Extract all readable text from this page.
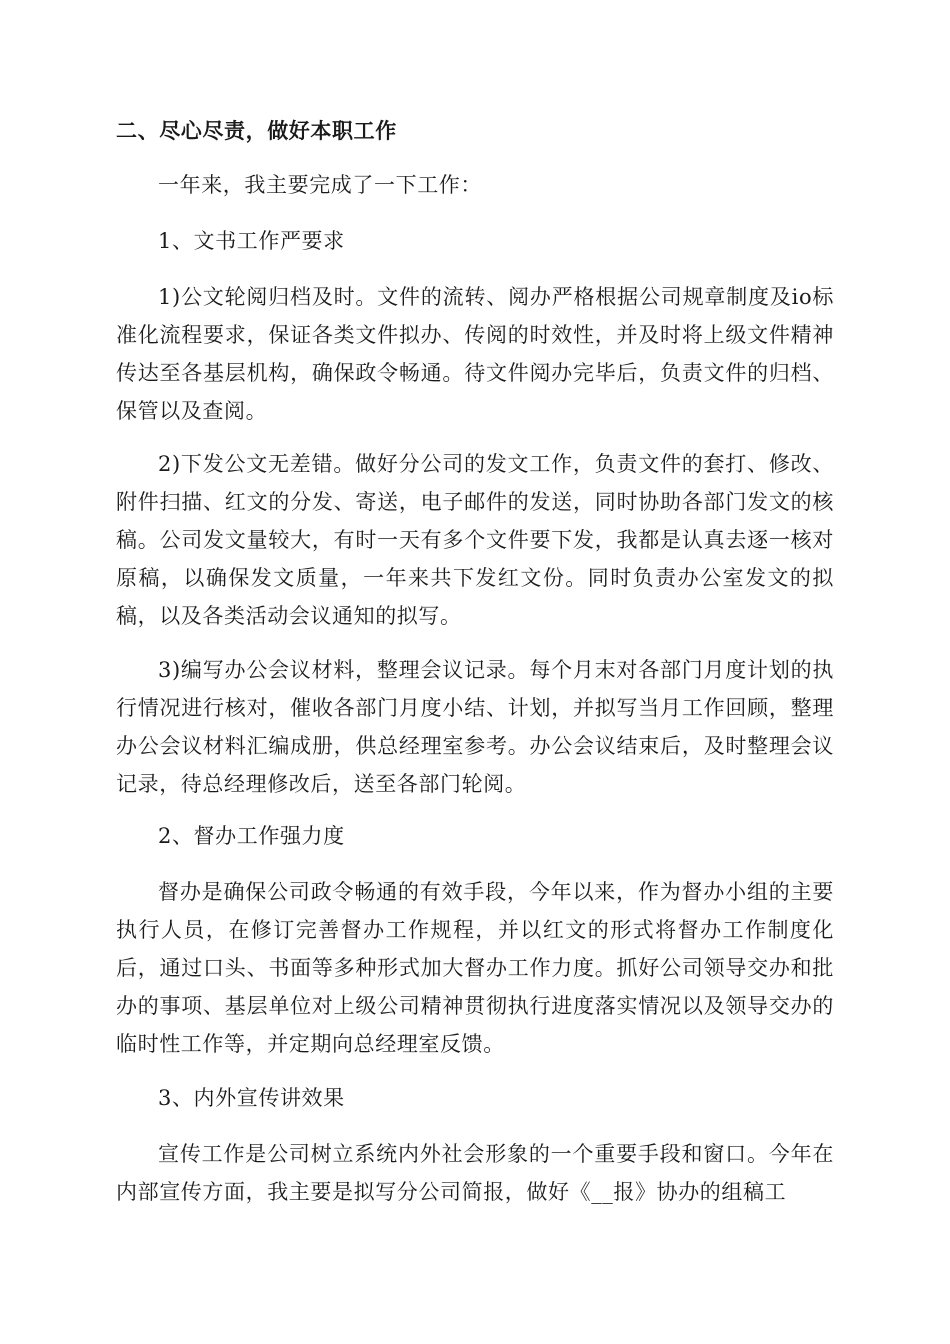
二、尽心尽责，做好本职工作
一年来，我主要完成了一下工作：
1、文书工作严要求
1)公文轮阅归档及时。文件的流转、阅办严格根据公司规章制度及io标准化流程要求，保证各类文件拟办、传阅的时效性，并及时将上级文件精神传达至各基层机构，确保政令畅通。待文件阅办完毕后，负责文件的归档、保管以及查阅。
2)下发公文无差错。做好分公司的发文工作，负责文件的套打、修改、附件扫描、红文的分发、寄送，电子邮件的发送，同时协助各部门发文的核稿。公司发文量较大，有时一天有多个文件要下发，我都是认真去逐一核对原稿，以确保发文质量，一年来共下发红文份。同时负责办公室发文的拟稿，以及各类活动会议通知的拟写。
3)编写办公会议材料，整理会议记录。每个月末对各部门月度计划的执行情况进行核对，催收各部门月度小结、计划，并拟写当月工作回顾，整理办公会议材料汇编成册，供总经理室参考。办公会议结束后，及时整理会议记录，待总经理修改后，送至各部门轮阅。
2、督办工作强力度
督办是确保公司政令畅通的有效手段，今年以来，作为督办小组的主要执行人员，在修订完善督办工作规程，并以红文的形式将督办工作制度化后，通过口头、书面等多种形式加大督办工作力度。抓好公司领导交办和批办的事项、基层单位对上级公司精神贯彻执行进度落实情况以及领导交办的临时性工作等，并定期向总经理室反馈。
3、内外宣传讲效果
宣传工作是公司树立系统内外社会形象的一个重要手段和窗口。今年在内部宣传方面，我主要是拟写分公司简报，做好《__报》协办的组稿工
